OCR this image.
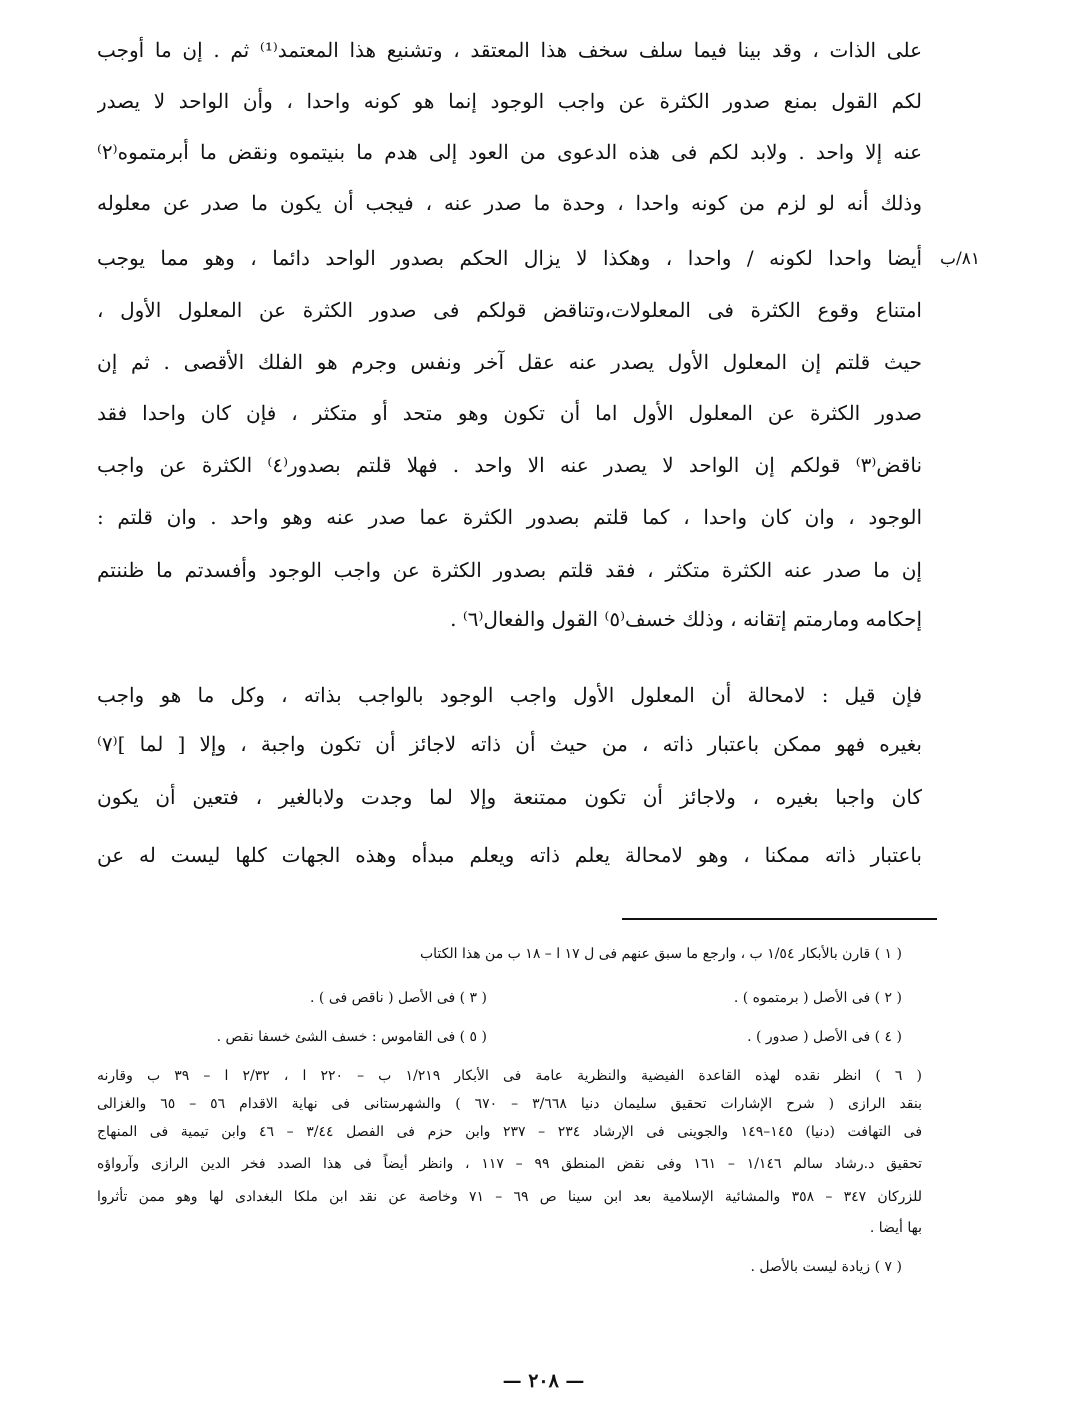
٨١/ب
على الذات ، وقد بينا فيما سلف سخف هذا المعتقد ، وتشنيع هذا المعتمد⁽¹⁾ ثم . إن ما أوجب
لكم القول بمنع صدور الكثرة عن واجب الوجود إنما هو كونه واحدا ، وأن الواحد لا يصدر
عنه إلا واحد . ولابد لكم فى هذه الدعوى من العود إلى هدم ما بنيتموه ونقض ما أبرمتموه⁽٢⁾
وذلك أنه لو لزم من كونه واحدا ، وحدة ما صدر عنه ، فيجب أن يكون ما صدر عن معلوله
أيضا واحدا لكونه / واحدا ، وهكذا لا يزال الحكم بصدور الواحد دائما ، وهو مما يوجب
امتناع وقوع الكثرة فى المعلولات،وتناقض قولكم فى صدور الكثرة عن المعلول الأول ،
حيث قلتم إن المعلول الأول يصدر عنه عقل آخر ونفس وجرم هو الفلك الأقصى . ثم إن
صدور الكثرة عن المعلول الأول اما أن تكون وهو متحد أو متكثر ، فإن كان واحدا فقد
ناقض⁽٣⁾ قولكم إن الواحد لا يصدر عنه الا واحد . فهلا قلتم بصدور⁽٤⁾ الكثرة عن واجب
الوجود ، وان كان واحدا ، كما قلتم بصدور الكثرة عما صدر عنه وهو واحد . وان قلتم :
إن ما صدر عنه الكثرة متكثر ، فقد قلتم بصدور الكثرة عن واجب الوجود وأفسدتم ما ظننتم
إحكامه ومارمتم إتقانه ، وذلك خسف⁽٥⁾ القول والفعال⁽٦⁾ .
فإن قيل : لامحالة أن المعلول الأول واجب الوجود بالواجب بذاته ، وكل ما هو واجب
بغيره فهو ممكن باعتبار ذاته ، من حيث أن ذاته لاجائز أن تكون واجبة ، وإلا [ لما ]⁽٧⁾
كان واجبا بغيره ، ولاجائز أن تكون ممتنعة وإلا لما وجدت ولابالغير ، فتعين أن يكون
باعتبار ذاته ممكنا ، وهو لامحالة يعلم ذاته ويعلم مبدأه وهذه الجهات كلها ليست له عن
( ١ ) قارن بالأبكار ١/٥٤ ب ، وارجع ما سبق عنهم فى ل ١٧ ا – ١٨ ب من هذا الكتاب
( ٢ ) فى الأصل ( برمتموه ) .
( ٣ ) فى الأصل ( ناقص فى ) .
( ٤ ) فى الأصل ( صدور ) .
( ٥ ) فى القاموس : خسف الشئ خسفا نقص .
( ٦ ) انظر نقده لهذه القاعدة الفيضية والنظرية عامة فى الأبكار ١/٢١٩ ب – ٢٢٠ ا ، ٢/٣٢ ا – ٣٩ ب وقارنه
بنقد الرازى ( شرح الإشارات تحقيق سليمان دنيا ٣/٦٦٨ – ٦٧٠ ) والشهرستانى فى نهاية الاقدام ٥٦ – ٦٥ والغزالى
فى التهافت (دنيا) ١٤٥–١٤٩ والجوينى فى الإرشاد ٢٣٤ – ٢٣٧ وابن حزم فى الفصل ٣/٤٤ – ٤٦ وابن تيمية فى المنهاج
تحقيق د.رشاد سالم ١/١٤٦ – ١٦١ وفى نقض المنطق ٩٩ – ١١٧ ، وانظر أيضاً فى هذا الصدد فخر الدين الرازى وآرواؤه
للزركان ٣٤٧ – ٣٥٨ والمشائية الإسلامية بعد ابن سينا ص ٦٩ – ٧١ وخاصة عن نقد ابن ملكا البغدادى لها وهو ممن تأثروا
بها أيضا .
( ٧ ) زيادة ليست بالأصل .
— ٢٠٨ —
